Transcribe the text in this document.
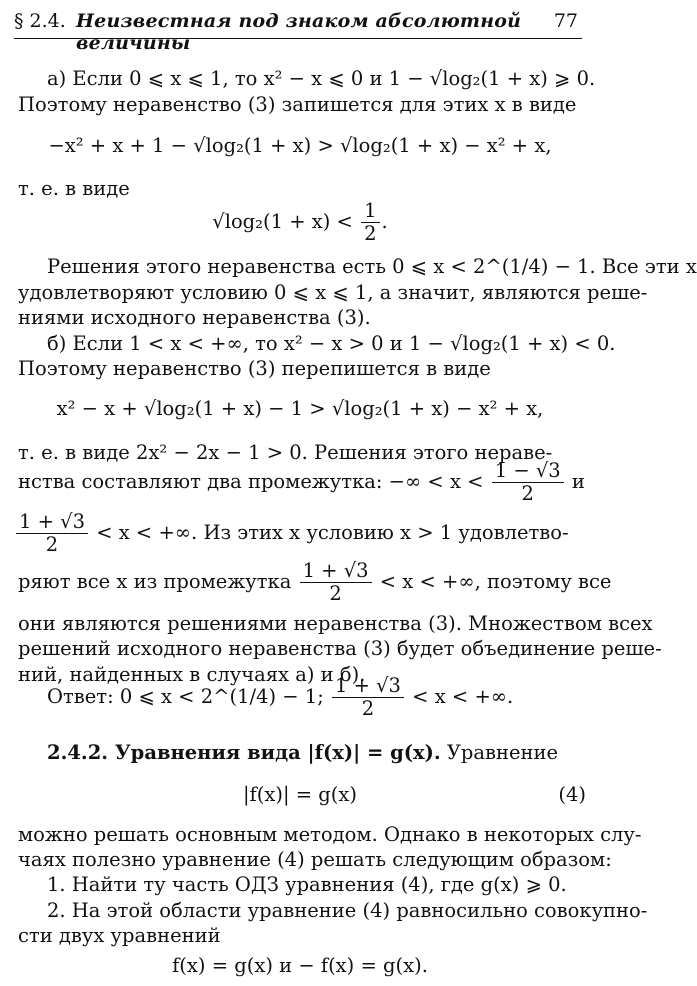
§ 2.4. Неизвестная под знаком абсолютной величины
77
а) Если 0 ⩽ x ⩽ 1, то x² − x ⩽ 0 и 1 − √log₂(1 + x) ⩾ 0.
Поэтому неравенство (3) запишется для этих x в виде
−x² + x + 1 − √log₂(1 + x) > √log₂(1 + x) − x² + x,
т. е. в виде
$√\log_2(1 + x) < \frac{1}{2}$ .
Решения этого неравенства есть 0 ⩽ x < 2^(1/4) − 1. Все эти x
удовлетворяют условию 0 ⩽ x ⩽ 1, а значит, являются реше-
ниями исходного неравенства (3).
б) Если 1 < x < +∞, то x² − x > 0 и 1 − √log₂(1 + x) < 0.
Поэтому неравенство (3) перепишется в виде
x² − x + √log₂(1 + x) − 1 > √log₂(1 + x) − x² + x,
т. е. в виде 2x² − 2x − 1 > 0. Решения этого нераве-
нства составляют два промежутка: −∞ < $x < \frac{1 - √3}{2}$ и
$\frac{1 + √3}{2} < x$ < +∞. Из этих x условию x > 1 удовлетво-
ряют все x из промежутка $\frac{1 + √3}{2} < x$ < +∞, поэтому все
они являются решениями неравенства (3). Множеством всех
решений исходного неравенства (3) будет объединение реше-
ний, найденных в случаях а) и б).
Ответ: 0 ⩽ x < 2^(1/4) − 1; $\frac{1 + √3}{2} < x$ < +∞.
2.4.2. Уравнения вида |f(x)| = g(x). Уравнение
|f(x)| = g(x)	(4)
можно решать основным методом. Однако в некоторых слу-
чаях полезно уравнение (4) решать следующим образом:
1. Найти ту часть ОДЗ уравнения (4), где g(x) ⩾ 0.
2. На этой области уравнение (4) равносильно совокупно-
сти двух уравнений
f(x) = g(x) и − f(x) = g(x).
